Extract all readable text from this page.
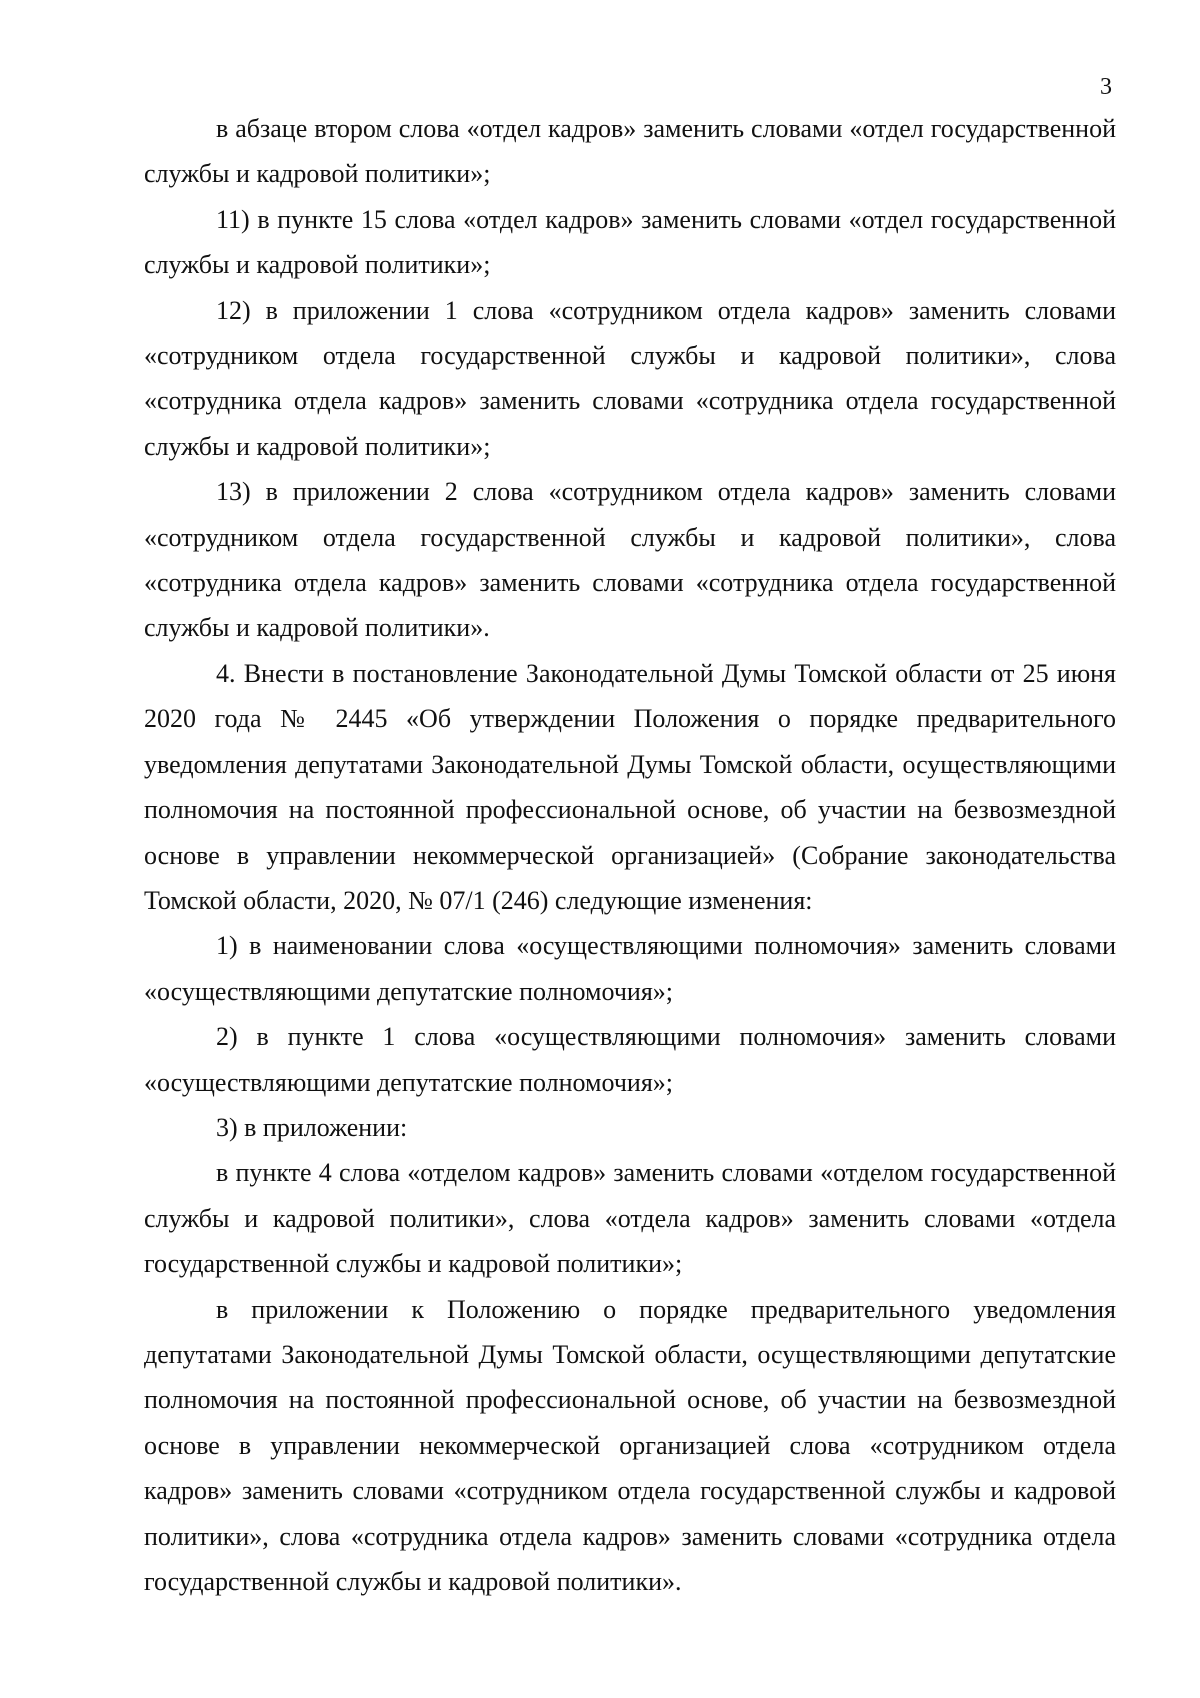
3

в абзаце втором слова «отдел кадров» заменить словами «отдел государственной службы и кадровой политики»;

11) в пункте 15 слова «отдел кадров» заменить словами «отдел государственной службы и кадровой политики»;

12) в приложении 1 слова «сотрудником отдела кадров» заменить словами «сотрудником отдела государственной службы и кадровой политики», слова «сотрудника отдела кадров» заменить словами «сотрудника отдела государственной службы и кадровой политики»;

13) в приложении 2 слова «сотрудником отдела кадров» заменить словами «сотрудником отдела государственной службы и кадровой политики», слова «сотрудника отдела кадров» заменить словами «сотрудника отдела государственной службы и кадровой политики».

4. Внести в постановление Законодательной Думы Томской области от 25 июня 2020 года № 2445 «Об утверждении Положения о порядке предварительного уведомления депутатами Законодательной Думы Томской области, осуществляющими полномочия на постоянной профессиональной основе, об участии на безвозмездной основе в управлении некоммерческой организацией» (Собрание законодательства Томской области, 2020, № 07/1 (246) следующие изменения:

1) в наименовании слова «осуществляющими полномочия» заменить словами «осуществляющими депутатские полномочия»;

2) в пункте 1 слова «осуществляющими полномочия» заменить словами «осуществляющими депутатские полномочия»;

3) в приложении:

в пункте 4 слова «отделом кадров» заменить словами «отделом государственной службы и кадровой политики», слова «отдела кадров» заменить словами «отдела государственной службы и кадровой политики»;

в приложении к Положению о порядке предварительного уведомления депутатами Законодательной Думы Томской области, осуществляющими депутатские полномочия на постоянной профессиональной основе, об участии на безвозмездной основе в управлении некоммерческой организацией слова «сотрудником отдела кадров» заменить словами «сотрудником отдела государственной службы и кадровой политики», слова «сотрудника отдела кадров» заменить словами «сотрудника отдела государственной службы и кадровой политики».
